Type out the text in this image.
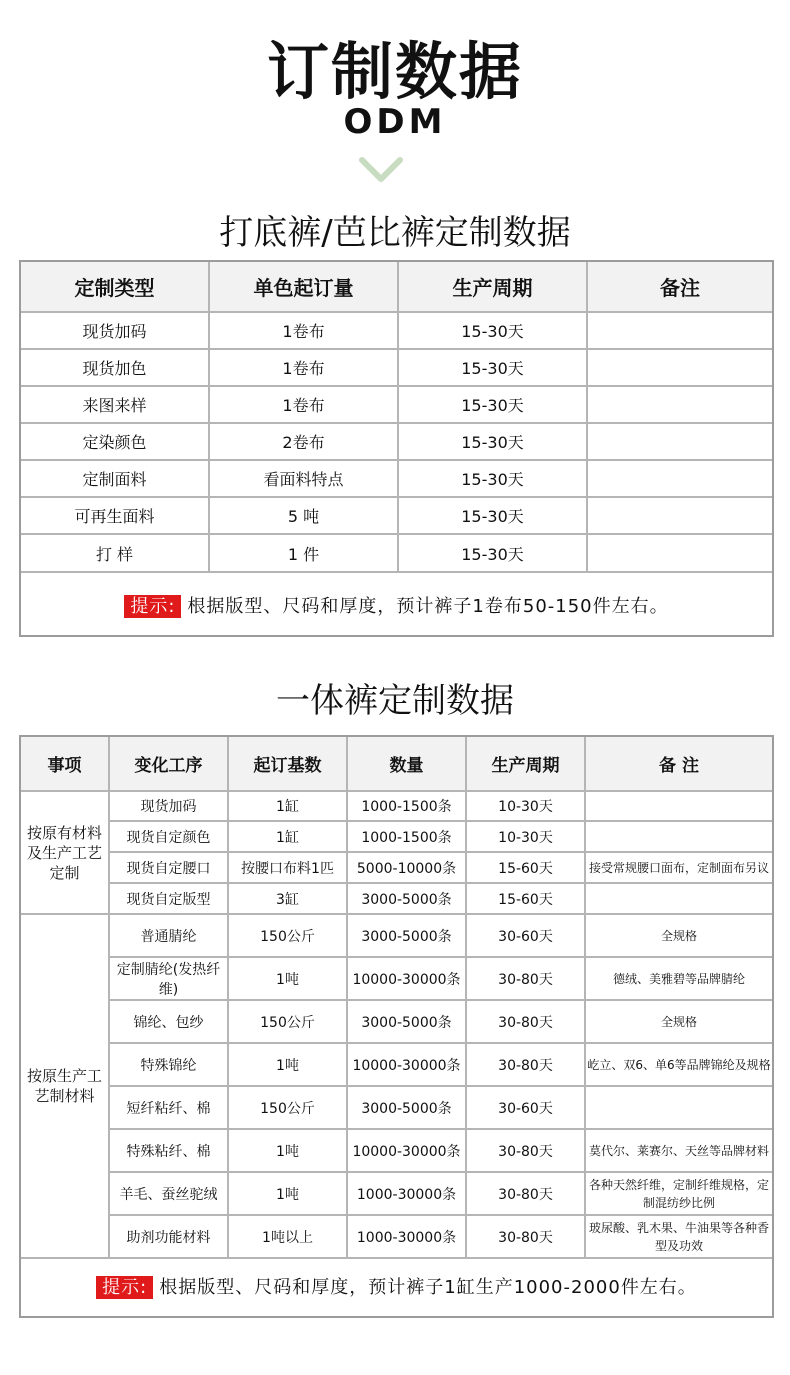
订制数据
ODM
打底裤/芭比裤定制数据
定制类型	单色起订量	生产周期	备注
现货加码	1卷布	15-30天	
现货加色	1卷布	15-30天	
来图来样	1卷布	15-30天	
定染颜色	2卷布	15-30天	
定制面料	看面料特点	15-30天	
可再生面料	5 吨	15-30天	
打 样	1 件	15-30天	
提示: 根据版型、尺码和厚度，预计裤子1卷布50-150件左右。
一体裤定制数据
事项	变化工序	起订基数	数量	生产周期	备 注
按原有材料及生产工艺定制	现货加码	1缸	1000-1500条	10-30天	
	现货自定颜色	1缸	1000-1500条	10-30天	
	现货自定腰口	按腰口布料1匹	5000-10000条	15-60天	接受常规腰口面布，定制面布另议
	现货自定版型	3缸	3000-5000条	15-60天	
按原生产工艺制材料	普通腈纶	150公斤	3000-5000条	30-60天	全规格
	定制腈纶(发热纤维)	1吨	10000-30000条	30-80天	德绒、美雅碧等品牌腈纶
	锦纶、包纱	150公斤	3000-5000条	30-80天	全规格
	特殊锦纶	1吨	10000-30000条	30-80天	屹立、双6、单6等品牌锦纶及规格
	短纤粘纤、棉	150公斤	3000-5000条	30-60天	
	特殊粘纤、棉	1吨	10000-30000条	30-80天	莫代尔、莱赛尔、天丝等品牌材料
	羊毛、蚕丝驼绒	1吨	1000-30000条	30-80天	各种天然纤维，定制纤维规格，定制混纺纱比例
	助剂功能材料	1吨以上	1000-30000条	30-80天	玻尿酸、乳木果、牛油果等各种香型及功效
提示: 根据版型、尺码和厚度，预计裤子1缸生产1000-2000件左右。
